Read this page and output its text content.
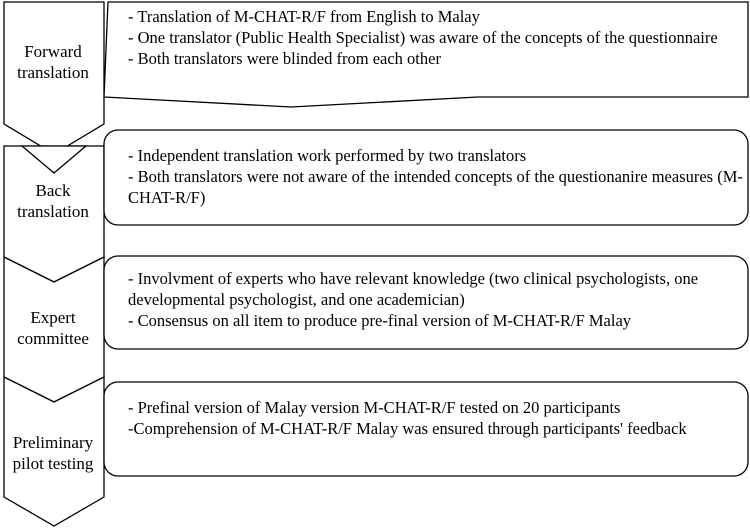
Forward
translation
Back
translation
Expert
committee
Preliminary
pilot testing
- Translation of M-CHAT-R/F from English to Malay
- One translator (Public Health Specialist) was aware of the concepts of the questionnaire
- Both translators were blinded from each other
- Independent translation work performed by two translators
- Both translators were not aware of the intended concepts of the questionanire measures (M-CHAT-R/F)
- Involvment of experts who have relevant knowledge (two clinical psychologists, one developmental psychologist, and one academician)
- Consensus on all item to produce pre-final version of M-CHAT-R/F Malay
- Prefinal version of Malay version M-CHAT-R/F tested on 20 participants
-Comprehension of M-CHAT-R/F Malay was ensured through participants' feedback
